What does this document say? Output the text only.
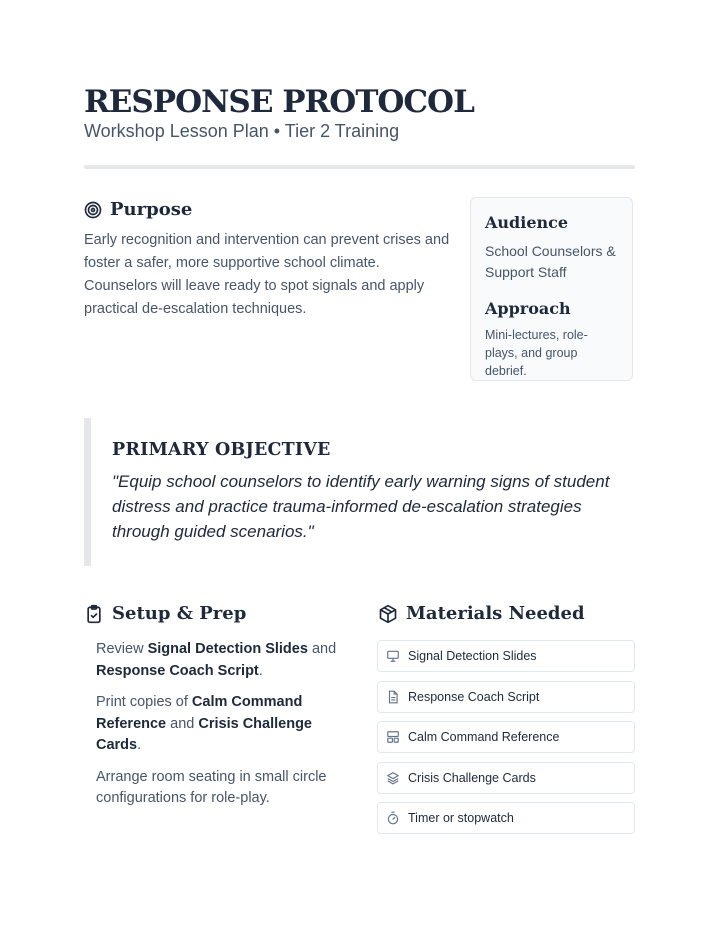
RESPONSE PROTOCOL
Workshop Lesson Plan • Tier 2 Training
Purpose
Early recognition and intervention can prevent crises and foster a safer, more supportive school climate. Counselors will leave ready to spot signals and apply practical de-escalation techniques.
Audience
School Counselors & Support Staff
Approach
Mini-lectures, role-plays, and group debrief.
PRIMARY OBJECTIVE
"Equip school counselors to identify early warning signs of student distress and practice trauma-informed de-escalation strategies through guided scenarios."
Setup & Prep

Review Signal Detection Slides and Response Coach Script.

Print copies of Calm Command Reference and Crisis Challenge Cards.

Arrange room seating in small circle configurations for role-play.

Materials Needed
Signal Detection Slides
Response Coach Script
Calm Command Reference
Crisis Challenge Cards
Timer or stopwatch
